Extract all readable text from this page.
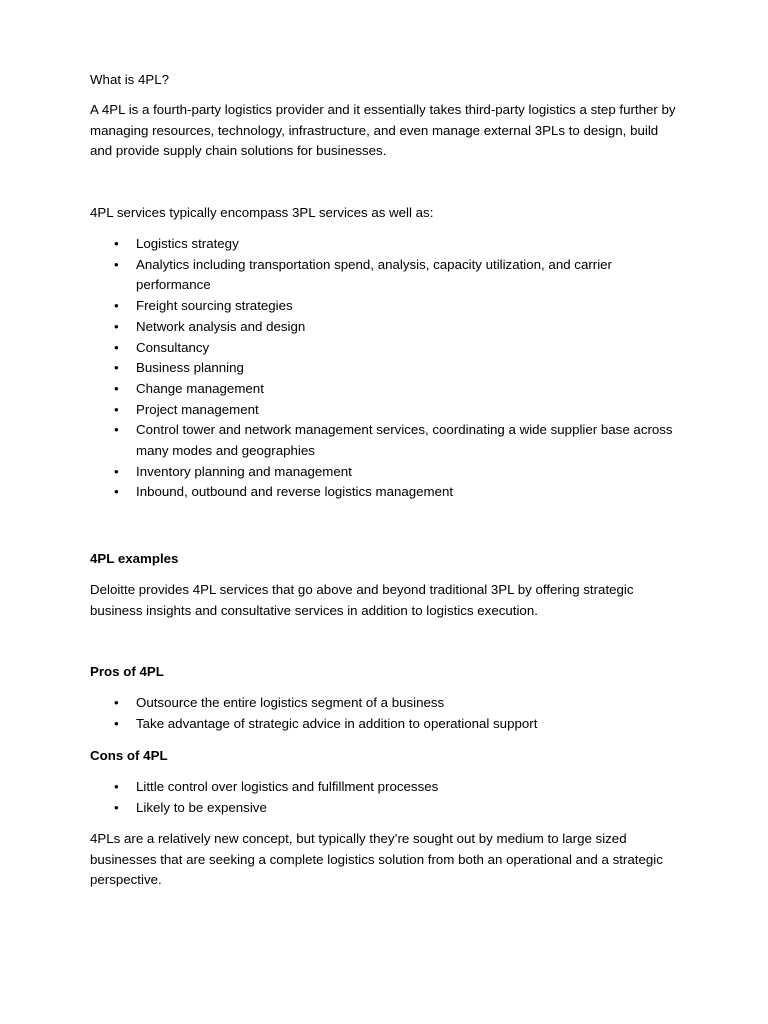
What is 4PL?

A 4PL is a fourth-party logistics provider and it essentially takes third-party logistics a step further by managing resources, technology, infrastructure, and even manage external 3PLs to design, build and provide supply chain solutions for businesses.

4PL services typically encompass 3PL services as well as:

• Logistics strategy
• Analytics including transportation spend, analysis, capacity utilization, and carrier performance
• Freight sourcing strategies
• Network analysis and design
• Consultancy
• Business planning
• Change management
• Project management
• Control tower and network management services, coordinating a wide supplier base across many modes and geographies
• Inventory planning and management
• Inbound, outbound and reverse logistics management

4PL examples

Deloitte provides 4PL services that go above and beyond traditional 3PL by offering strategic business insights and consultative services in addition to logistics execution.

Pros of 4PL

• Outsource the entire logistics segment of a business
• Take advantage of strategic advice in addition to operational support

Cons of 4PL

• Little control over logistics and fulfillment processes
• Likely to be expensive

4PLs are a relatively new concept, but typically they’re sought out by medium to large sized businesses that are seeking a complete logistics solution from both an operational and a strategic perspective.
